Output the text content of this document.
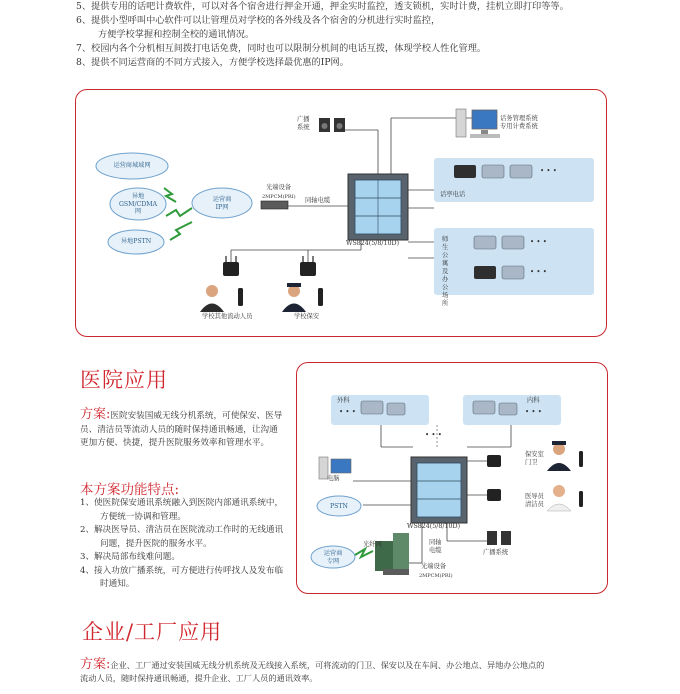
5、提供专用的话吧计费软件，可以对各个宿舍进行押金开通，押金实时监控，透支锁机，实时计费，挂机立即打印等等。
6、提供小型呼叫中心软件可以让管理员对学校的各外线及各个宿舍的分机进行实时监控，
方便学校掌握和控制全校的通讯情况。
7、校园内各个分机相互间拨打电话免费，同时也可以限制分机间的电话互拨，体现学校人性化管理。
8、提供不同运营商的不同方式接入，方便学校选择最优惠的IP网。
广播
系统
话务管理系统
专用计费系统
运营商城域网
异地
GSM/CDMA
网
运营商
IP网
异地PSTN
光端设备
2MPCM(PRI) 同轴电缆
WS824(5/8/10D)
话亭电话
• • •
• • •
• • •
师生公寓及办公场所
学校其他流动人员	学校保安
医院应用
方案:医院安装国威无线分机系统，可使保安、医导员、清洁员等流动人员的随时保持通讯畅通，让沟通更加方便、快捷，提升医院服务效率和管理水平。
本方案功能特点:
1、使医院保安通讯系统融入到医院内部通讯系统中，方便统一协调和管理。
2、解决医导员、清洁员在医院流动工作时的无线通讯问题，提升医院的服务水平。
3、解决局部布线难问题。
4、接入功放广播系统，可方便进行传呼找人及发布临时通知。
外科
• • •
内科
• • •
• • •
电脑
PSTN
WS824(5/8/10D)
保安室
门卫
医导员
清洁员
广播系统
运营商
专网
光纤网	同轴
电缆
光端设备
2MPCM(PRI)
企业/工厂应用
方案:企业、工厂通过安装国威无线分机系统及无线接入系统，可将流动的门卫、保安以及在车间、办公地点、异地办公地点的
流动人员，随时保持通讯畅通，提升企业、工厂人员的通讯效率。
